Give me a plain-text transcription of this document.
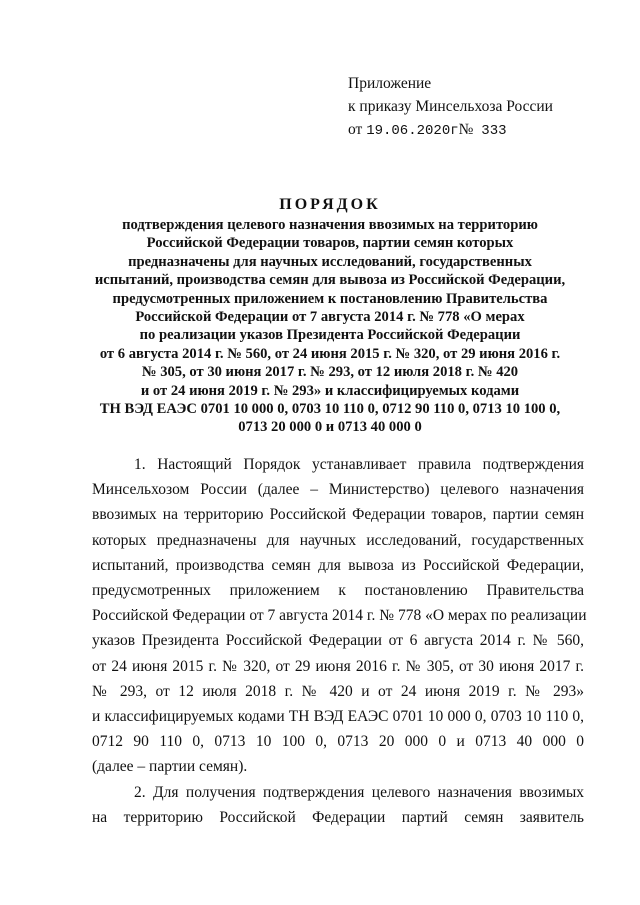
Приложение
к приказу Минсельхоза России
от 19.06.2020г№ 333
ПОРЯДОК
подтверждения целевого назначения ввозимых на территорию
Российской Федерации товаров, партии семян которых
предназначены для научных исследований, государственных
испытаний, производства семян для вывоза из Российской Федерации,
предусмотренных приложением к постановлению Правительства
Российской Федерации от 7 августа 2014 г. № 778 «О мерах
по реализации указов Президента Российской Федерации
от 6 августа 2014 г. № 560, от 24 июня 2015 г. № 320, от 29 июня 2016 г.
№ 305, от 30 июня 2017 г. № 293, от 12 июля 2018 г. № 420
и от 24 июня 2019 г. № 293» и классифицируемых кодами
ТН ВЭД ЕАЭС 0701 10 000 0, 0703 10 110 0, 0712 90 110 0, 0713 10 100 0,
0713 20 000 0 и 0713 40 000 0
1. Настоящий Порядок устанавливает правила подтверждения
Минсельхозом России (далее – Министерство) целевого назначения
ввозимых на территорию Российской Федерации товаров, партии семян
которых предназначены для научных исследований, государственных
испытаний, производства семян для вывоза из Российской Федерации,
предусмотренных приложением к постановлению Правительства
Российской Федерации от 7 августа 2014 г. № 778 «О мерах по реализации
указов Президента Российской Федерации от 6 августа 2014 г. № 560,
от 24 июня 2015 г. № 320, от 29 июня 2016 г. № 305, от 30 июня 2017 г.
№ 293, от 12 июля 2018 г. № 420 и от 24 июня 2019 г. № 293»
и классифицируемых кодами ТН ВЭД ЕАЭС 0701 10 000 0, 0703 10 110 0,
0712 90 110 0, 0713 10 100 0, 0713 20 000 0 и 0713 40 000 0
(далее – партии семян).
2. Для получения подтверждения целевого назначения ввозимых
на территорию Российской Федерации партий семян заявитель
